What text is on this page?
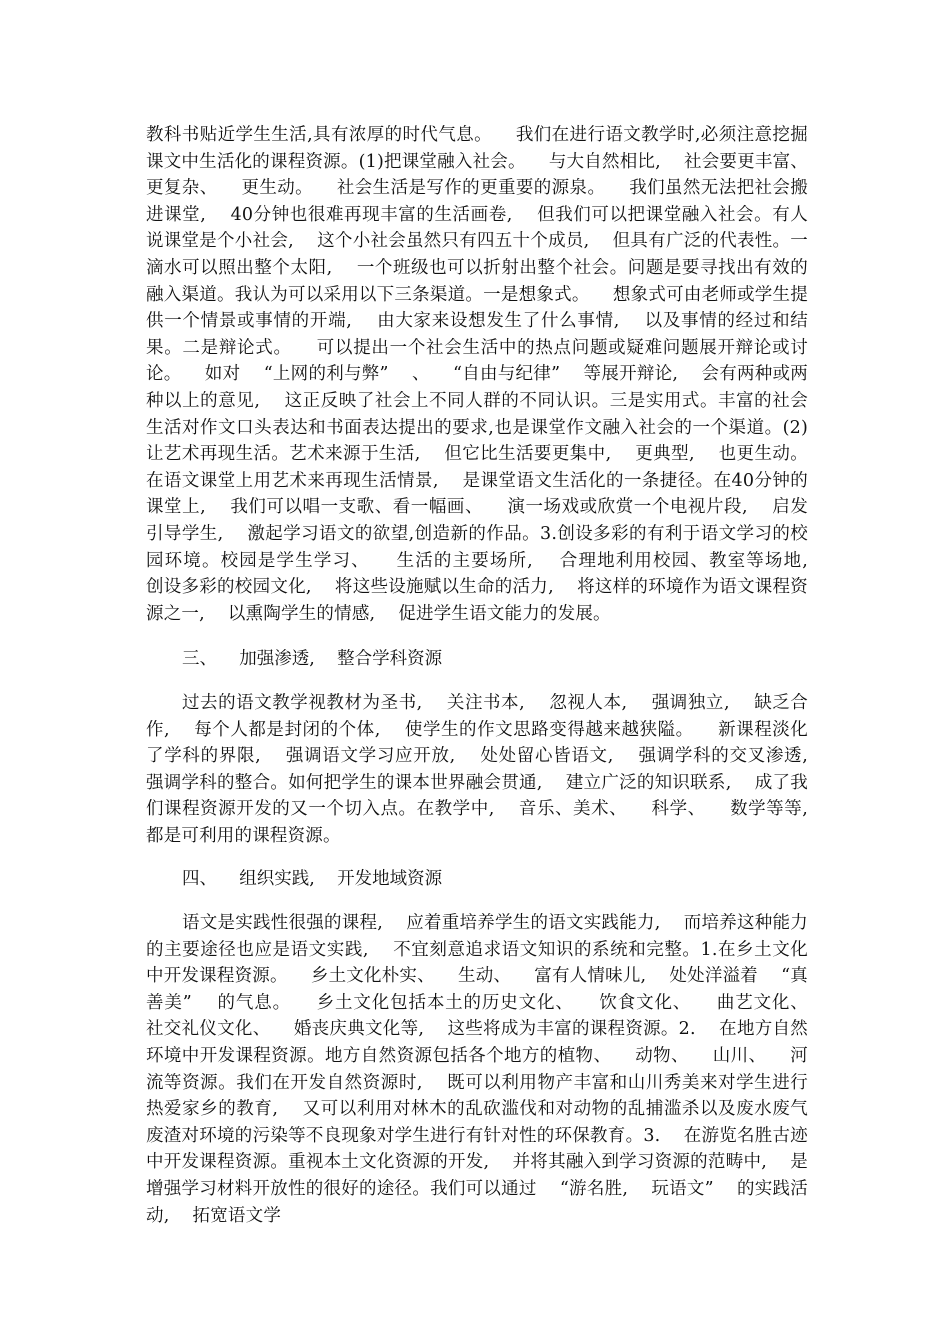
教科书贴近学生生活,具有浓厚的时代气息。    我们在进行语文教学时,必须注意挖掘课文中生活化的课程资源。(1)把课堂融入社会。    与大自然相比,    社会要更丰富、更复杂、    更生动。    社会生活是写作的更重要的源泉。    我们虽然无法把社会搬进课堂,    40分钟也很难再现丰富的生活画卷,    但我们可以把课堂融入社会。有人说课堂是个小社会,    这个小社会虽然只有四五十个成员,    但具有广泛的代表性。一滴水可以照出整个太阳,    一个班级也可以折射出整个社会。问题是要寻找出有效的融入渠道。我认为可以采用以下三条渠道。一是想象式。    想象式可由老师或学生提供一个情景或事情的开端,    由大家来设想发生了什么事情,    以及事情的经过和结果。二是辩论式。    可以提出一个社会生活中的热点问题或疑难问题展开辩论或讨论。    如对    “上网的利与弊”    、    “自由与纪律”    等展开辩论,    会有两种或两种以上的意见,    这正反映了社会上不同人群的不同认识。三是实用式。丰富的社会生活对作文口头表达和书面表达提出的要求,也是课堂作文融入社会的一个渠道。(2)让艺术再现生活。艺术来源于生活,    但它比生活要更集中,    更典型,    也更生动。    在语文课堂上用艺术来再现生活情景,    是课堂语文生活化的一条捷径。在40分钟的课堂上,    我们可以唱一支歌、看一幅画、    演一场戏或欣赏一个电视片段,    启发引导学生,    激起学习语文的欲望,创造新的作品。3.创设多彩的有利于语文学习的校园环境。校园是学生学习、    生活的主要场所,    合理地利用校园、教室等场地,    创设多彩的校园文化,    将这些设施赋以生命的活力,    将这样的环境作为语文课程资源之一,    以熏陶学生的情感,    促进学生语文能力的发展。
三、    加强渗透,    整合学科资源
过去的语文教学视教材为圣书,    关注书本,    忽视人本,    强调独立,    缺乏合作,    每个人都是封闭的个体,    使学生的作文思路变得越来越狭隘。    新课程淡化了学科的界限,    强调语文学习应开放,    处处留心皆语文,    强调学科的交叉渗透,    强调学科的整合。如何把学生的课本世界融会贯通,    建立广泛的知识联系,    成了我们课程资源开发的又一个切入点。在教学中,    音乐、美术、    科学、    数学等等,    都是可利用的课程资源。
四、    组织实践,    开发地域资源
语文是实践性很强的课程,    应着重培养学生的语文实践能力,    而培养这种能力的主要途径也应是语文实践,    不宜刻意追求语文知识的系统和完整。1.在乡土文化中开发课程资源。    乡土文化朴实、    生动、    富有人情味儿,    处处洋溢着    “真善美”    的气息。    乡土文化包括本土的历史文化、    饮食文化、    曲艺文化、    社交礼仪文化、    婚丧庆典文化等,    这些将成为丰富的课程资源。2.    在地方自然环境中开发课程资源。地方自然资源包括各个地方的植物、    动物、    山川、    河流等资源。我们在开发自然资源时,    既可以利用物产丰富和山川秀美来对学生进行热爱家乡的教育,    又可以利用对林木的乱砍滥伐和对动物的乱捕滥杀以及废水废气废渣对环境的污染等不良现象对学生进行有针对性的环保教育。3.    在游览名胜古迹中开发课程资源。重视本土文化资源的开发,    并将其融入到学习资源的范畴中,    是增强学习材料开放性的很好的途径。我们可以通过    “游名胜,    玩语文”    的实践活动,    拓宽语文学
